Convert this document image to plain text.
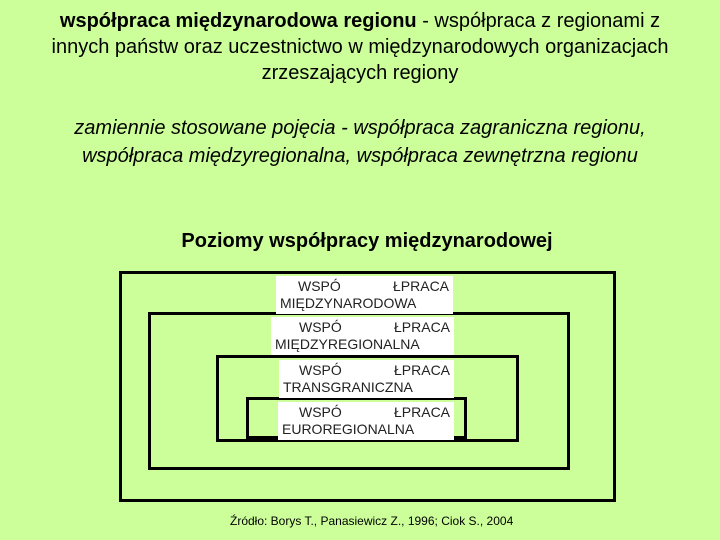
współpraca międzynarodowa regionu - współpraca z regionami z innych państw oraz uczestnictwo w międzynarodowych organizacjach zrzeszających regiony
zamiennie stosowane pojęcia - współpraca zagraniczna regionu, współpraca międzyregionalna, współpraca zewnętrzna regionu
Poziomy współpracy międzynarodowej
WSPÓ	ŁPRACA
MIĘDZYNARODOWA
WSPÓ	ŁPRACA
MIĘDZYREGIONALNA
WSPÓ	ŁPRACA
TRANSGRANICZNA
WSPÓ	ŁPRACA
EUROREGIONALNA
Źródło: Borys T., Panasiewicz Z., 1996; Ciok S., 2004
